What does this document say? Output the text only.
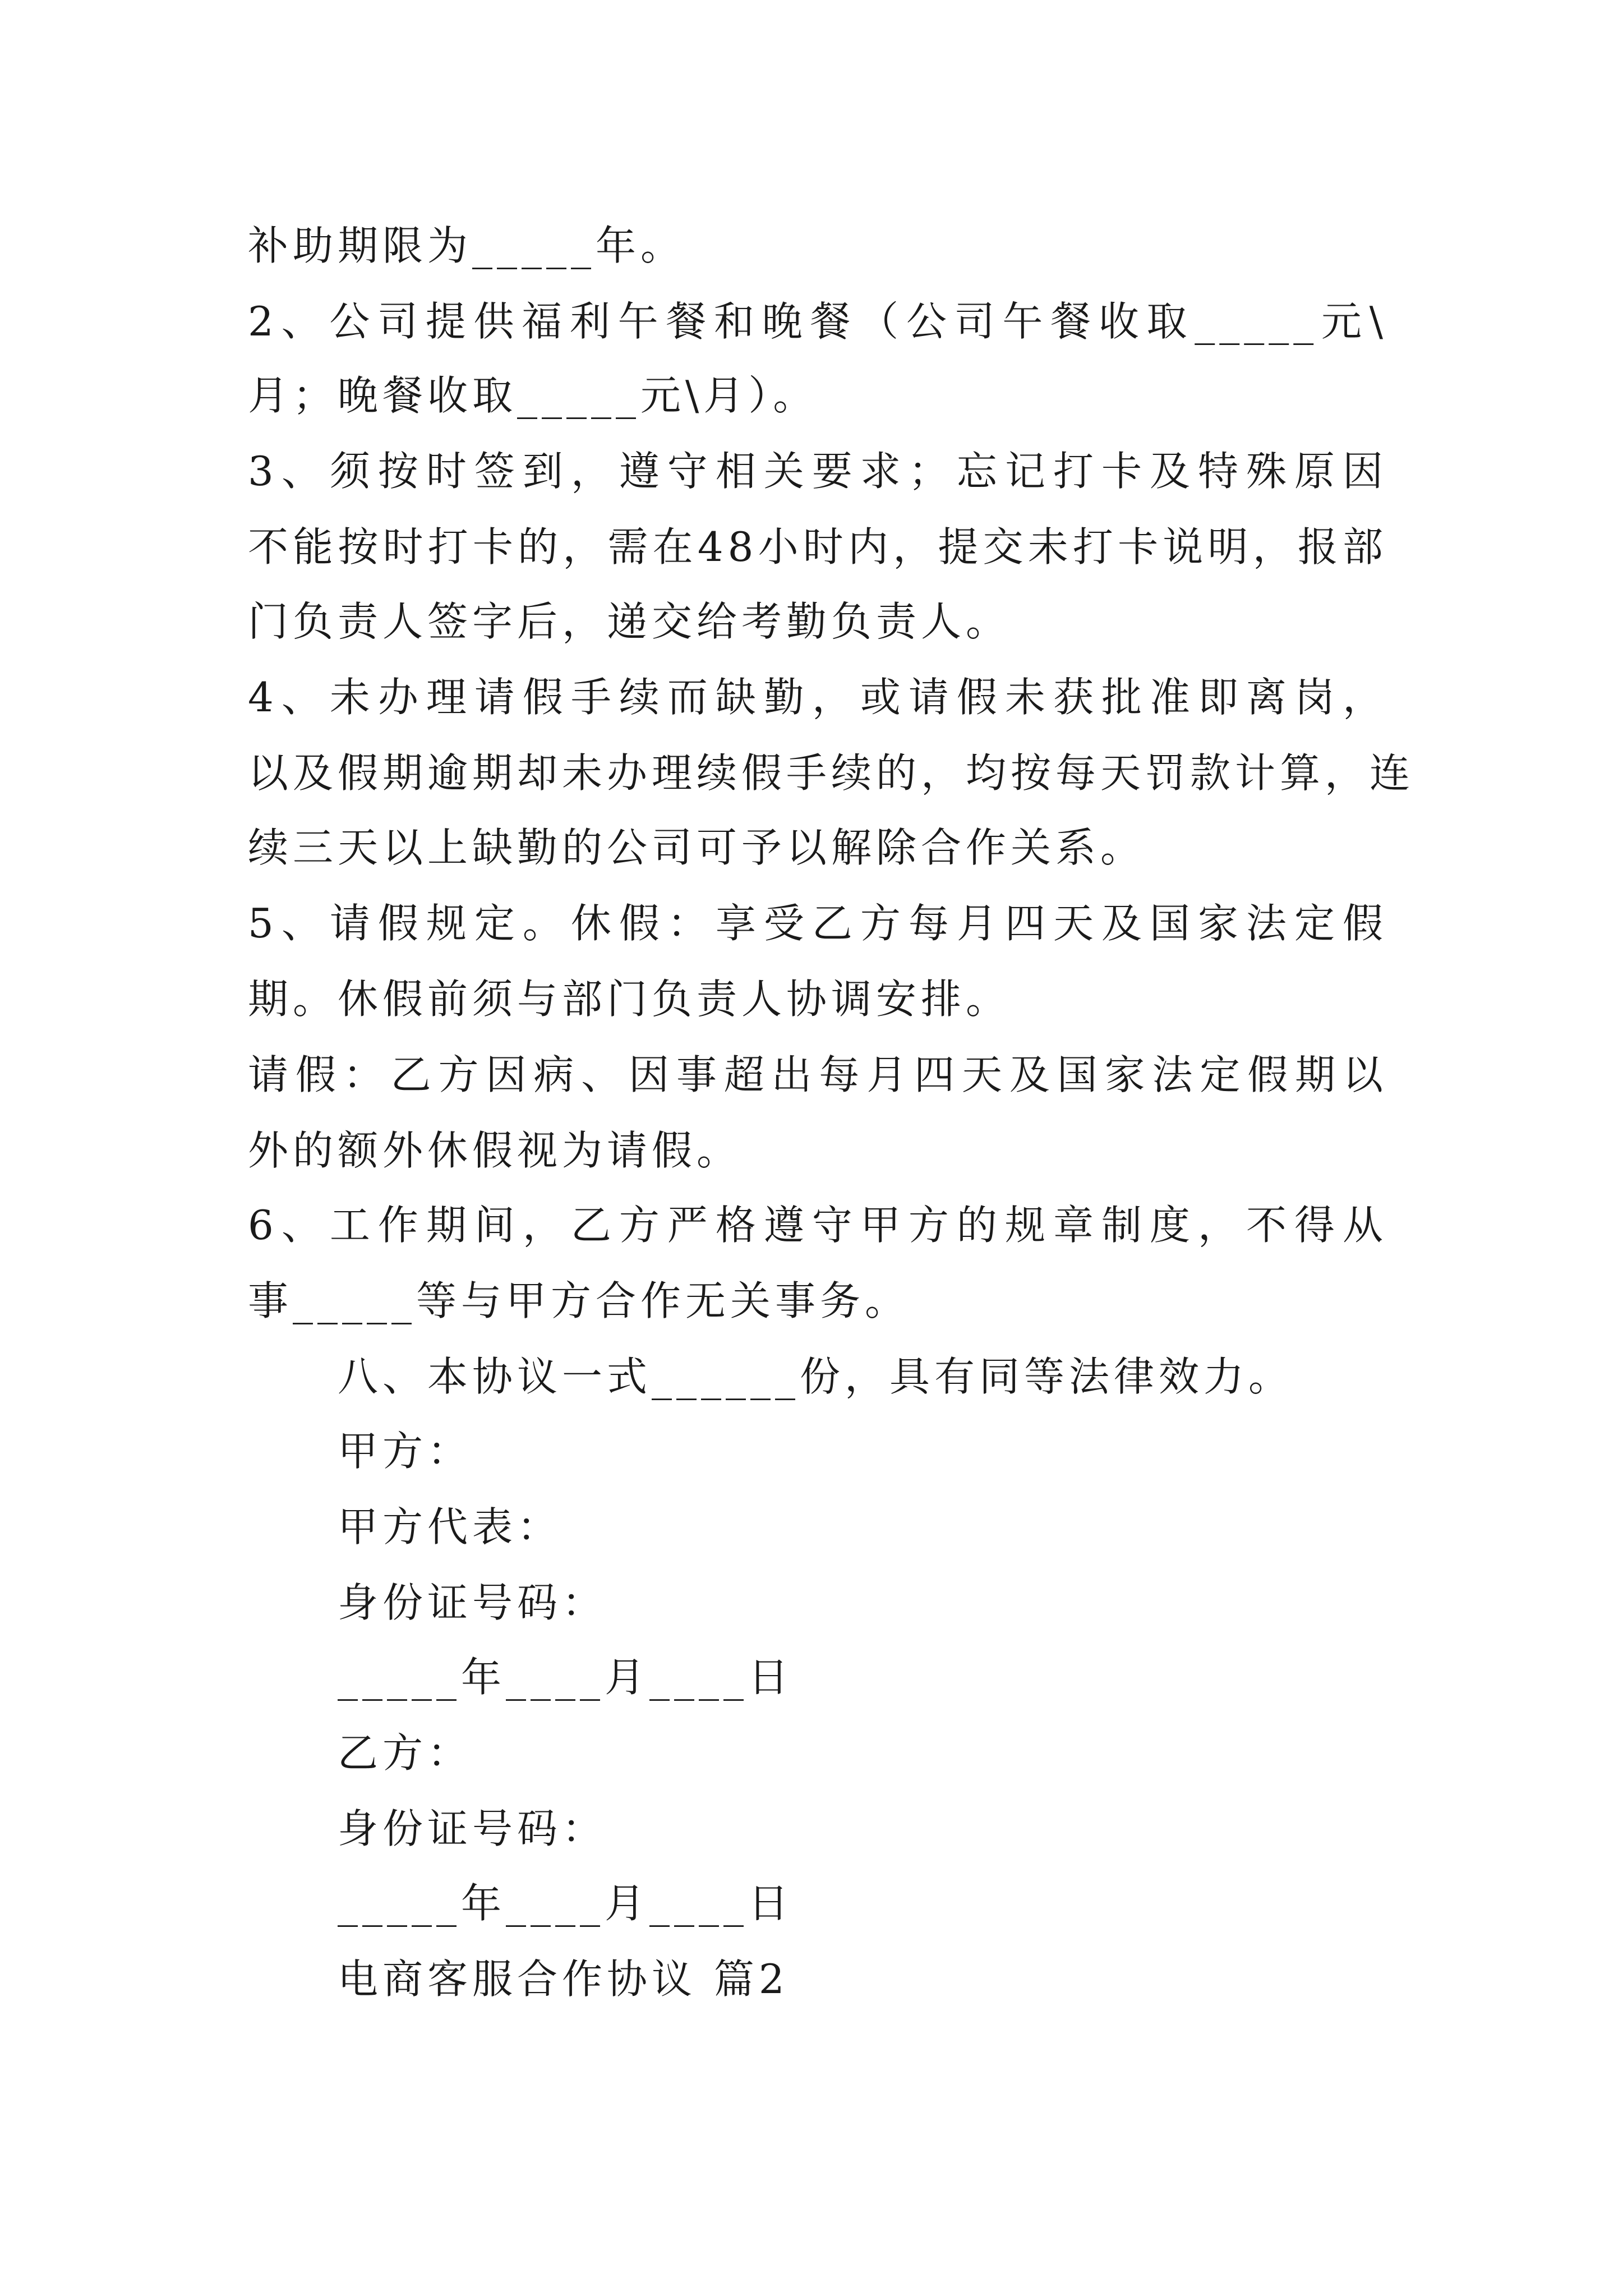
补助期限为_____年。
2、公司提供福利午餐和晚餐（公司午餐收取_____元\
月；晚餐收取_____元\月）。
3、须按时签到，遵守相关要求；忘记打卡及特殊原因
不能按时打卡的，需在48小时内，提交未打卡说明，报部
门负责人签字后，递交给考勤负责人。
4、未办理请假手续而缺勤，或请假未获批准即离岗，
以及假期逾期却未办理续假手续的，均按每天罚款计算，连
续三天以上缺勤的公司可予以解除合作关系。
5、请假规定。休假：享受乙方每月四天及国家法定假
期。休假前须与部门负责人协调安排。
请假：乙方因病、因事超出每月四天及国家法定假期以
外的额外休假视为请假。
6、工作期间，乙方严格遵守甲方的规章制度，不得从
事_____等与甲方合作无关事务。
八、本协议一式______份，具有同等法律效力。
甲方：
甲方代表：
身份证号码：
_____年____月____日
乙方：
身份证号码：
_____年____月____日
电商客服合作协议 篇2
